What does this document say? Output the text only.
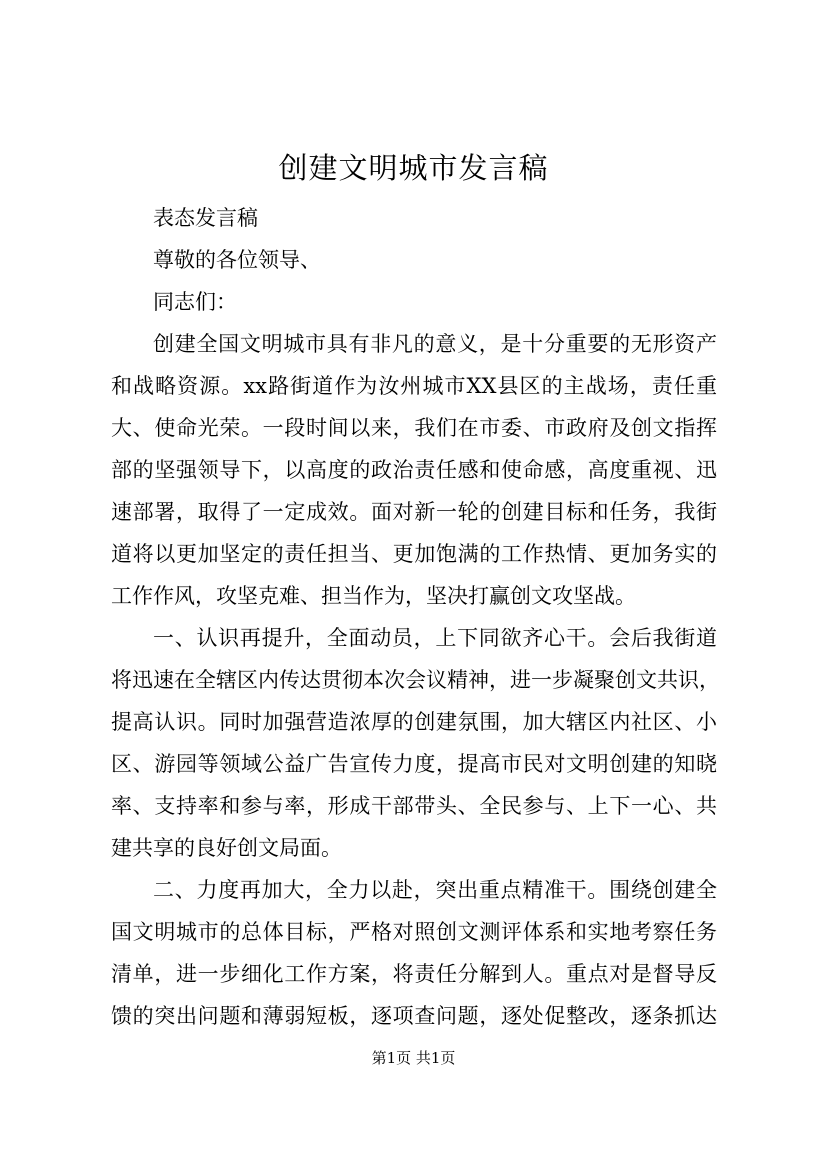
创建文明城市发言稿
表态发言稿
尊敬的各位领导、
同志们：
创建全国文明城市具有非凡的意义，是十分重要的无形资产
和战略资源。xx路街道作为汝州城市XX县区的主战场，责任重
大、使命光荣。一段时间以来，我们在市委、市政府及创文指挥
部的坚强领导下，以高度的政治责任感和使命感，高度重视、迅
速部署，取得了一定成效。面对新一轮的创建目标和任务，我街
道将以更加坚定的责任担当、更加饱满的工作热情、更加务实的
工作作风，攻坚克难、担当作为，坚决打赢创文攻坚战。
一、认识再提升，全面动员，上下同欲齐心干。会后我街道
将迅速在全辖区内传达贯彻本次会议精神，进一步凝聚创文共识，
提高认识。同时加强营造浓厚的创建氛围，加大辖区内社区、小
区、游园等领域公益广告宣传力度，提高市民对文明创建的知晓
率、支持率和参与率，形成干部带头、全民参与、上下一心、共
建共享的良好创文局面。
二、力度再加大，全力以赴，突出重点精准干。围绕创建全
国文明城市的总体目标，严格对照创文测评体系和实地考察任务
清单，进一步细化工作方案，将责任分解到人。重点对是督导反
馈的突出问题和薄弱短板，逐项查问题，逐处促整改，逐条抓达
第1页 共1页
